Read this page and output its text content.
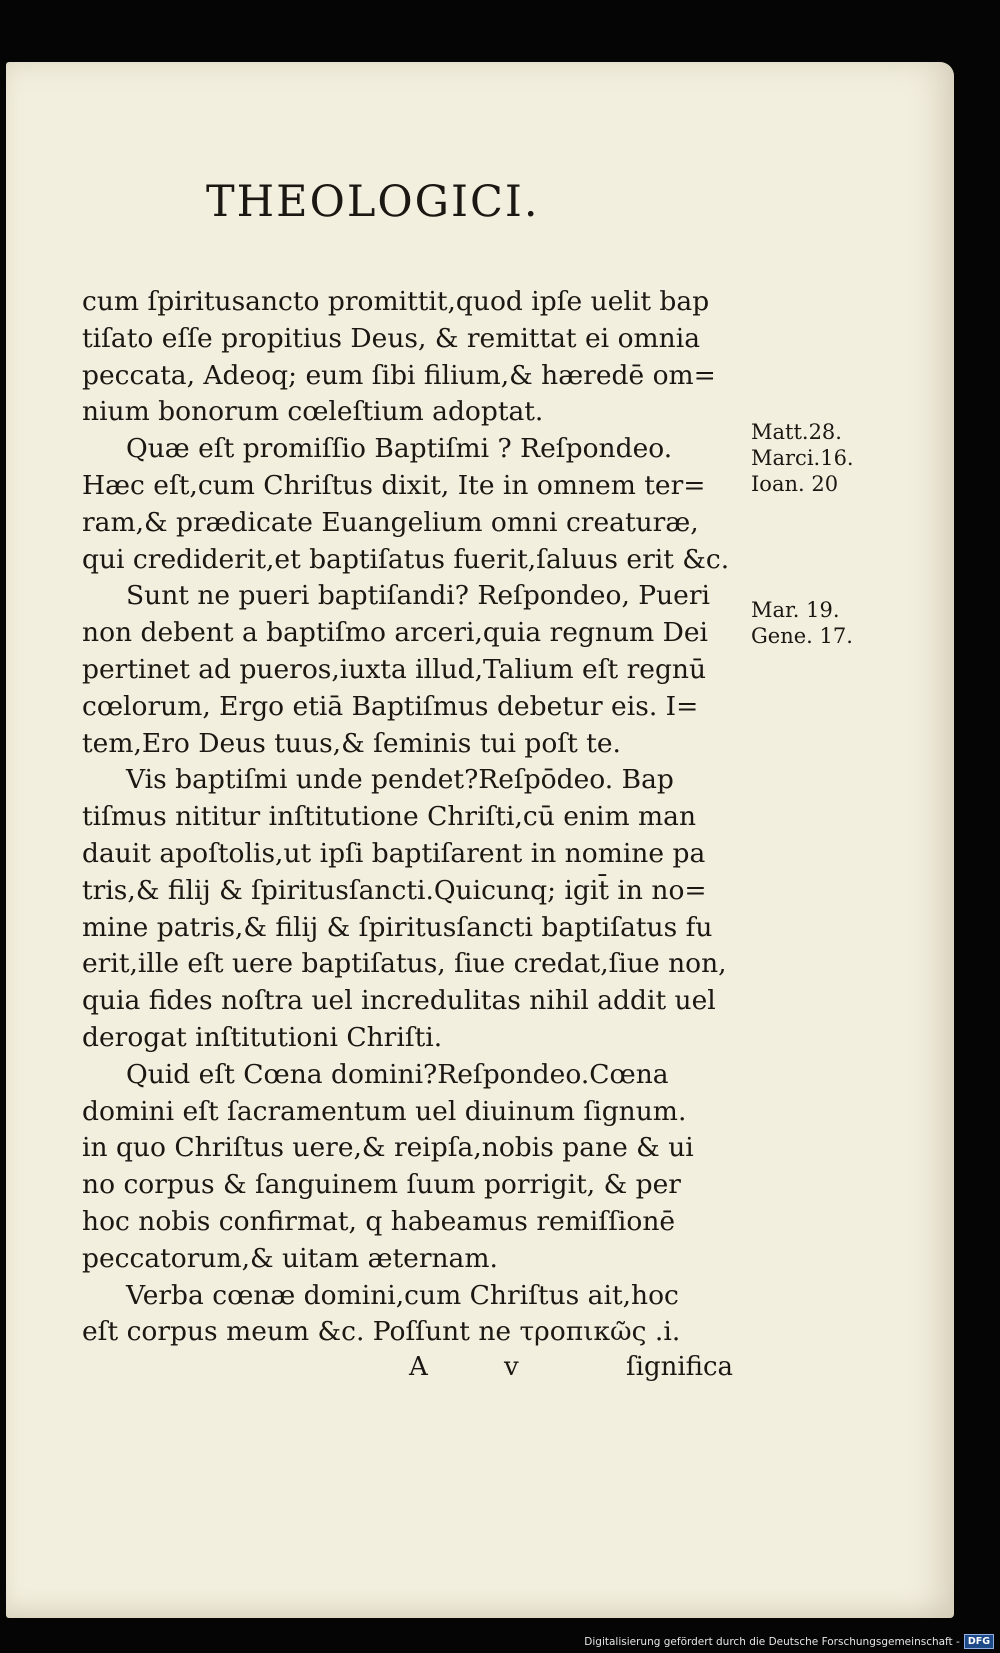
THEOLOGICI.
cum ſpiritusancto promittit,quod ipſe uelit bap
tiſato eſſe propitius Deus, & remittat ei omnia
peccata, Adeoq; eum ſibi filium,& hæredē om=
nium bonorum cœleſtium adoptat.
Quæ eſt promiſſio Baptiſmi ? Reſpondeo.
Hæc eſt,cum Chriſtus dixit, Ite in omnem ter=
ram,& prædicate Euangelium omni creaturæ,
qui crediderit,et baptiſatus fuerit,ſaluus erit &c.
Sunt ne pueri baptiſandi? Reſpondeo, Pueri
non debent a baptiſmo arceri,quia regnum Dei
pertinet ad pueros,iuxta illud,Talium eſt regnū
cœlorum, Ergo etiā Baptiſmus debetur eis. I=
tem,Ero Deus tuus,& ſeminis tui poſt te.
Vis baptiſmi unde pendet?Reſpōdeo. Bap
tiſmus nititur inſtitutione Chriſti,cū enim man
dauit apoſtolis,ut ipſi baptiſarent in nomine pa
tris,& filij & ſpiritusſancti.Quicunq; igit̄ in no=
mine patris,& filij & ſpiritusſancti baptiſatus fu
erit,ille eſt uere baptiſatus, ſiue credat,ſiue non,
quia fides noſtra uel incredulitas nihil addit uel
derogat inſtitutioni Chriſti.
Quid eſt Cœna domini?Reſpondeo.Cœna
domini eſt ſacramentum uel diuinum ſignum.
in quo Chriſtus uere,& reipſa,nobis pane & ui
no corpus & ſanguinem ſuum porrigit, & per
hoc nobis confirmat, q habeamus remiſſionē
peccatorum,& uitam æternam.
Verba cœnæ domini,cum Chriſtus ait,hoc
eſt corpus meum &c. Poſſunt ne τροπικῶς .i.
Matt.28.
Marci.16.
Ioan. 20
Mar. 19.
Gene. 17.
A v	ſignifica
Digitalisierung gefördert durch die Deutsche Forschungsgemeinschaft - DFG
